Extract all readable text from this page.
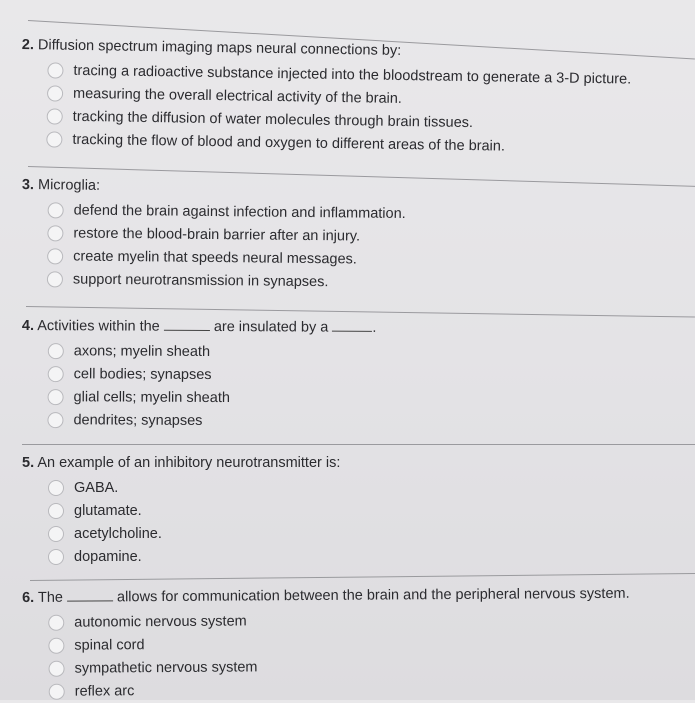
2. Diffusion spectrum imaging maps neural connections by:
tracing a radioactive substance injected into the bloodstream to generate a 3-D picture.
measuring the overall electrical activity of the brain.
tracking the diffusion of water molecules through brain tissues.
tracking the flow of blood and oxygen to different areas of the brain.
3. Microglia:
defend the brain against infection and inflammation.
restore the blood-brain barrier after an injury.
create myelin that speeds neural messages.
support neurotransmission in synapses.
4. Activities within the	are insulated by a	.
axons; myelin sheath
cell bodies; synapses
glial cells; myelin sheath
dendrites; synapses
5. An example of an inhibitory neurotransmitter is:
GABA.
glutamate.
acetylcholine.
dopamine.
6. The	allows for communication between the brain and the peripheral nervous system.
autonomic nervous system
spinal cord
sympathetic nervous system
reflex arc
